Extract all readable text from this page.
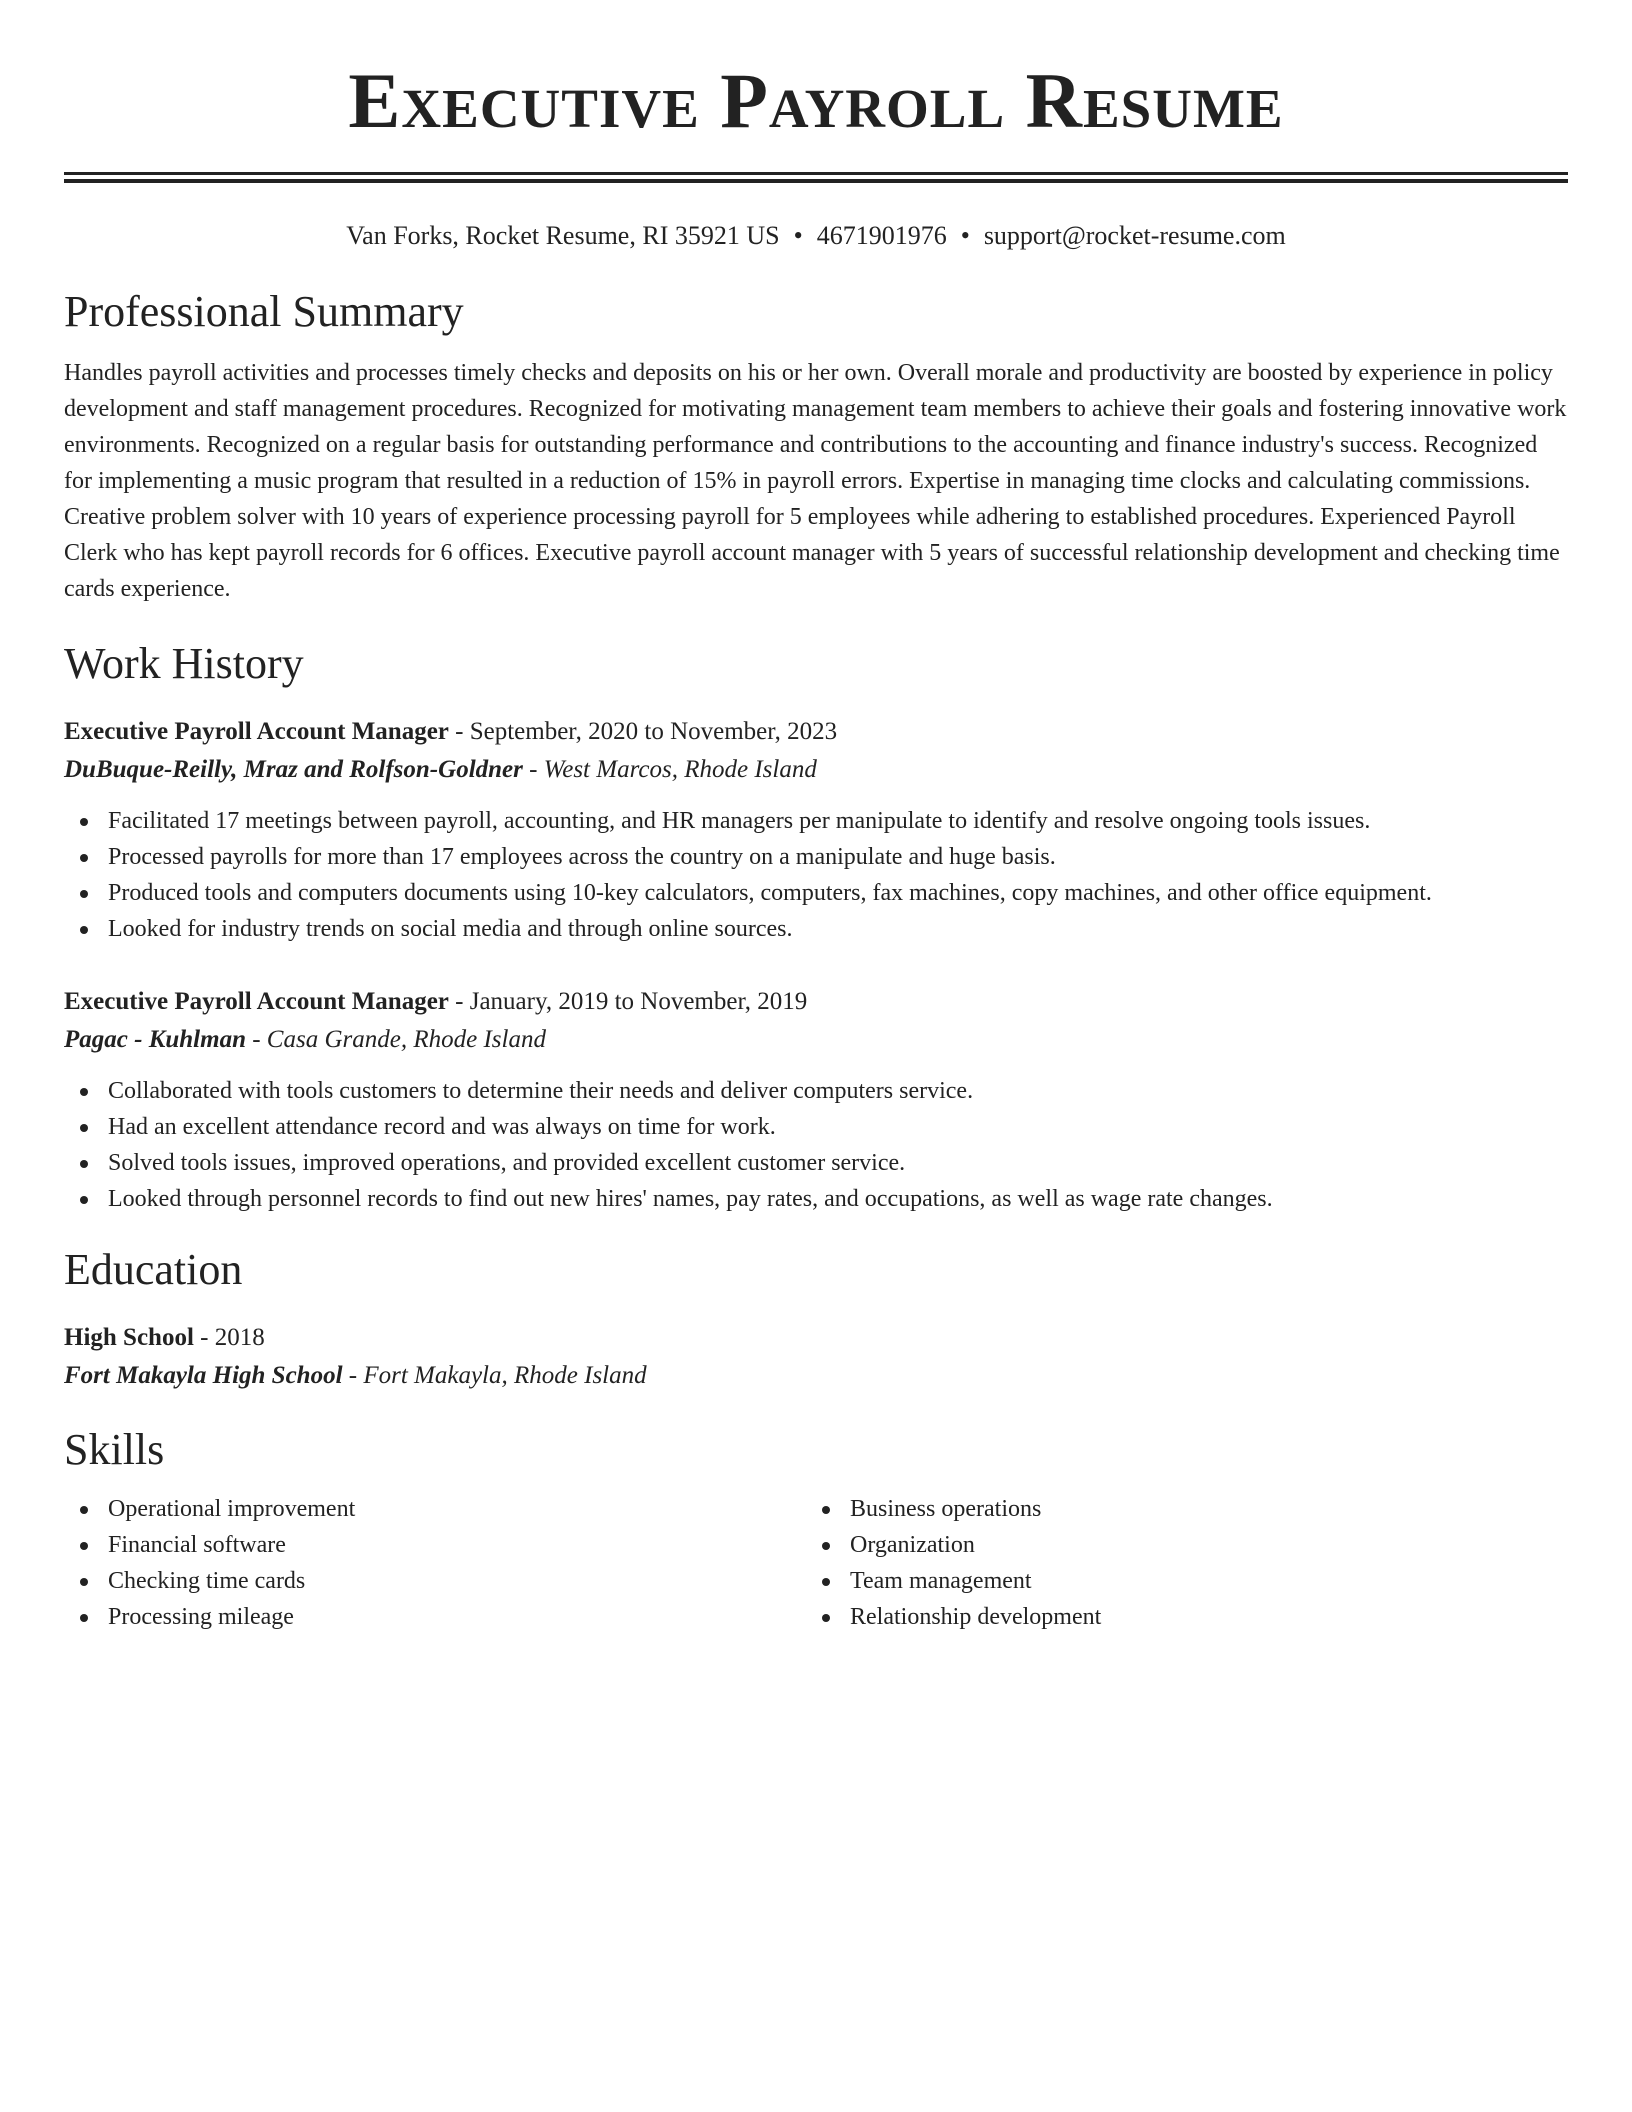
Executive Payroll Resume
Van Forks, Rocket Resume, RI 35921 US • 4671901976 • support@rocket-resume.com
Professional Summary
Handles payroll activities and processes timely checks and deposits on his or her own. Overall morale and productivity are boosted by experience in policy development and staff management procedures. Recognized for motivating management team members to achieve their goals and fostering innovative work environments. Recognized on a regular basis for outstanding performance and contributions to the accounting and finance industry's success. Recognized for implementing a music program that resulted in a reduction of 15% in payroll errors. Expertise in managing time clocks and calculating commissions. Creative problem solver with 10 years of experience processing payroll for 5 employees while adhering to established procedures. Experienced Payroll Clerk who has kept payroll records for 6 offices. Executive payroll account manager with 5 years of successful relationship development and checking time cards experience.
Work History
Executive Payroll Account Manager - September, 2020 to November, 2023
DuBuque-Reilly, Mraz and Rolfson-Goldner - West Marcos, Rhode Island
Facilitated 17 meetings between payroll, accounting, and HR managers per manipulate to identify and resolve ongoing tools issues.
Processed payrolls for more than 17 employees across the country on a manipulate and huge basis.
Produced tools and computers documents using 10-key calculators, computers, fax machines, copy machines, and other office equipment.
Looked for industry trends on social media and through online sources.
Executive Payroll Account Manager - January, 2019 to November, 2019
Pagac - Kuhlman - Casa Grande, Rhode Island
Collaborated with tools customers to determine their needs and deliver computers service.
Had an excellent attendance record and was always on time for work.
Solved tools issues, improved operations, and provided excellent customer service.
Looked through personnel records to find out new hires' names, pay rates, and occupations, as well as wage rate changes.
Education
High School - 2018
Fort Makayla High School - Fort Makayla, Rhode Island
Skills
Operational improvement
Financial software
Checking time cards
Processing mileage
Business operations
Organization
Team management
Relationship development
